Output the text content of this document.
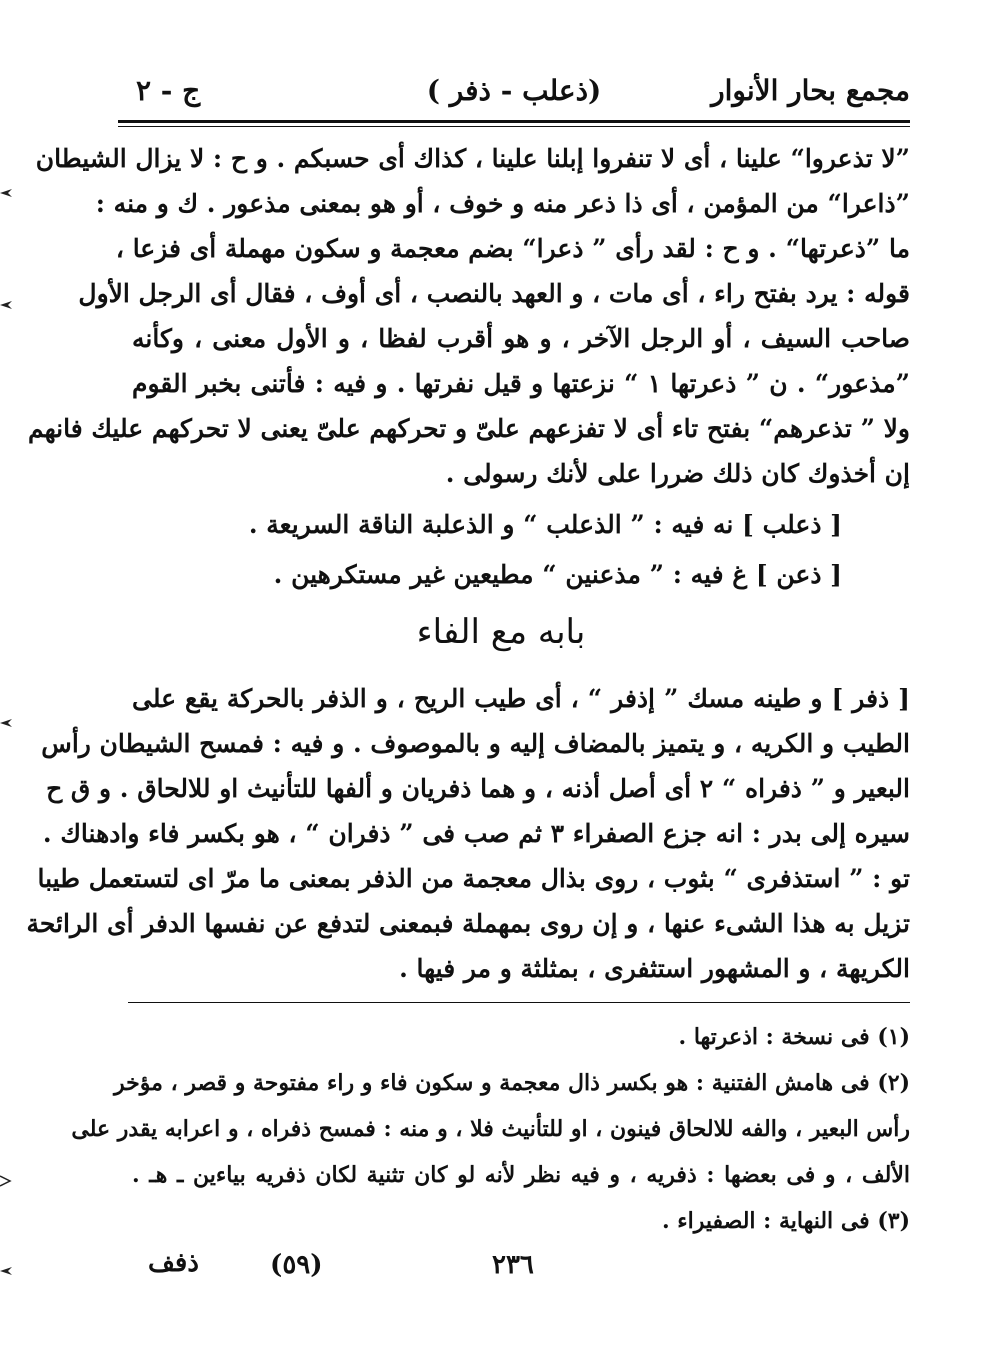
مجمع بحار الأنوار
(ذعلب - ذفر )
ج - ٢
”لا تذعروا“ علينا ، أى لا تنفروا إبلنا علينا ، كذاك أى حسبكم . و ح : لا يزال الشيطان
”ذاعرا“ من المؤمن ، أى ذا ذعر منه و خوف ، أو هو بمعنى مذعور . ك و منه :
ما ”ذعرتها“ . و ح : لقد رأى ” ذعرا“ بضم معجمة و سكون مهملة أى فزعا ،
قوله : يرد بفتح راء ، أى مات ، و العهد بالنصب ، أى أوف ، فقال أى الرجل الأول
صاحب السيف ، أو الرجل الآخر ، و هو أقرب لفظا ، و الأول معنى ، وكأنه
”مذعور“ . ن ” ذعرتها ١ “ نزعتها و قيل نفرتها . و فيه : فأتنى بخبر القوم
ولا ” تذعرهم“ بفتح تاء أى لا تفزعهم علىّ و تحركهم علىّ يعنى لا تحركهم عليك فانهم
إن أخذوك كان ذلك ضررا على لأنك رسولى .
[ ذعلب ] نه فيه : ” الذعلب “ و الذعلبة الناقة السريعة .
[ ذعن ] غ فيه : ” مذعنين “ مطيعين غير مستكرهين .
بابه مع الفاء
[ ذفر ] و طينه مسك ” إذفر “ ، أى طيب الريح ، و الذفر بالحركة يقع على
الطيب و الكريه ، و يتميز بالمضاف إليه و بالموصوف . و فيه : فمسح الشيطان رأس
البعير و ” ذفراه “ ٢ أى أصل أذنه ، و هما ذفريان و ألفها للتأنيث او للالحاق . و ق ح
سيره إلى بدر : انه جزع الصفراء ٣ ثم صب فى ” ذفران “ ، هو بكسر فاء وادهناك .
تو : ” استذفرى “ بثوب ، روى بذال معجمة من الذفر بمعنى ما مرّ اى لتستعمل طيبا
تزيل به هذا الشىء عنها ، و إن روى بمهملة فبمعنى لتدفع عن نفسها الدفر أى الرائحة
الكريهة ، و المشهور استثفرى ، بمثلثة و مر فيها .
(١) فى نسخة : اذعرتها .
(٢) فى هامش الفتنية : هو بكسر ذال معجمة و سكون فاء و راء مفتوحة و قصر ، مؤخر
رأس البعير ، والفه للالحاق فينون ، او للتأنيث فلا ، و منه : فمسح ذفراه ، و اعرابه يقدر على
الألف ، و فى بعضها : ذفريه ، و فيه نظر لأنه لو كان تثنية لكان ذفريه بياءين ـ هـ .
(٣) فى النهاية : الصفيراء .
٢٣٦
(٥٩)
ذفف
